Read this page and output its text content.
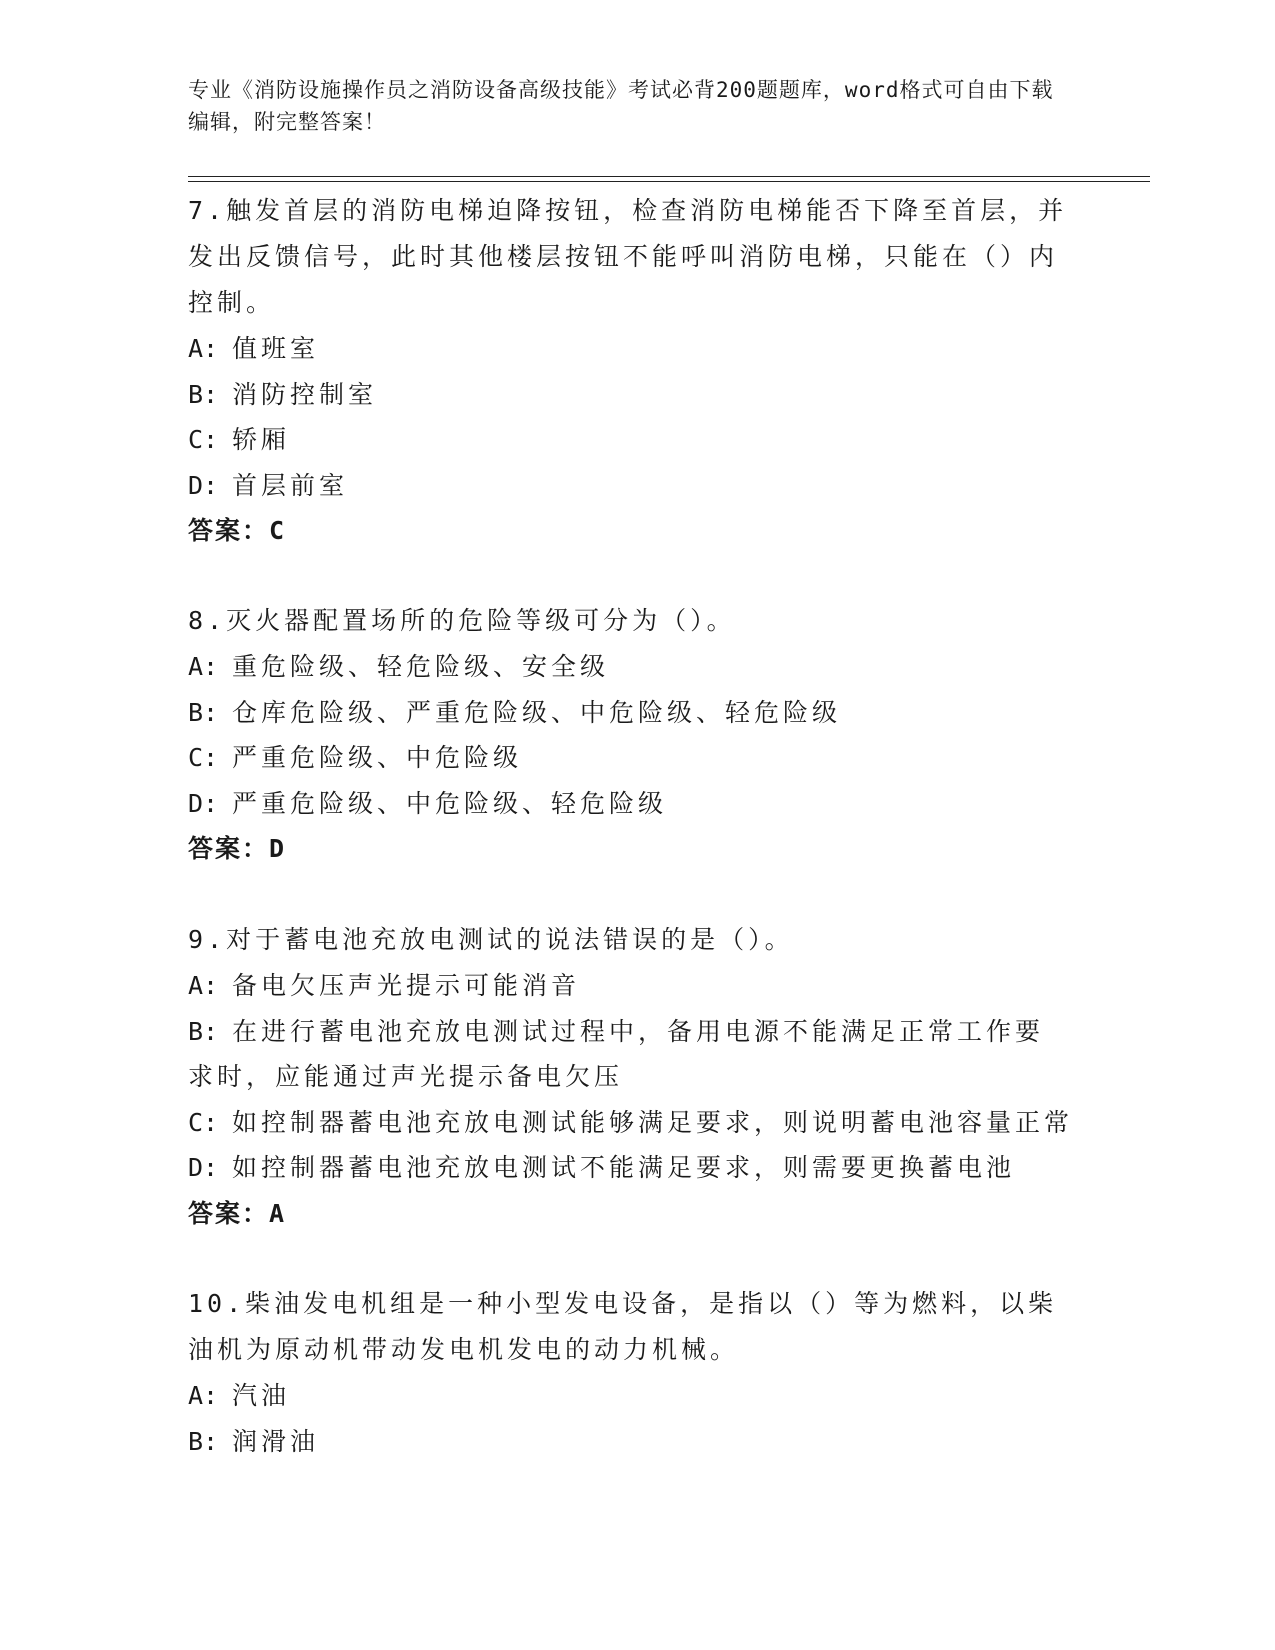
专业《消防设施操作员之消防设备高级技能》考试必背200题题库，word格式可自由下载编辑，附完整答案！

7.触发首层的消防电梯迫降按钮，检查消防电梯能否下降至首层，并发出反馈信号，此时其他楼层按钮不能呼叫消防电梯，只能在（）内控制。

A: 值班室

B: 消防控制室

C: 轿厢

D: 首层前室

答案：C

8.灭火器配置场所的危险等级可分为（）。

A: 重危险级、轻危险级、安全级

B: 仓库危险级、严重危险级、中危险级、轻危险级

C: 严重危险级、中危险级

D: 严重危险级、中危险级、轻危险级

答案：D

9.对于蓄电池充放电测试的说法错误的是（）。

A: 备电欠压声光提示可能消音

B: 在进行蓄电池充放电测试过程中，备用电源不能满足正常工作要求时，应能通过声光提示备电欠压

C: 如控制器蓄电池充放电测试能够满足要求，则说明蓄电池容量正常

D: 如控制器蓄电池充放电测试不能满足要求，则需要更换蓄电池

答案：A

10.柴油发电机组是一种小型发电设备，是指以（）等为燃料，以柴油机为原动机带动发电机发电的动力机械。

A: 汽油

B: 润滑油
